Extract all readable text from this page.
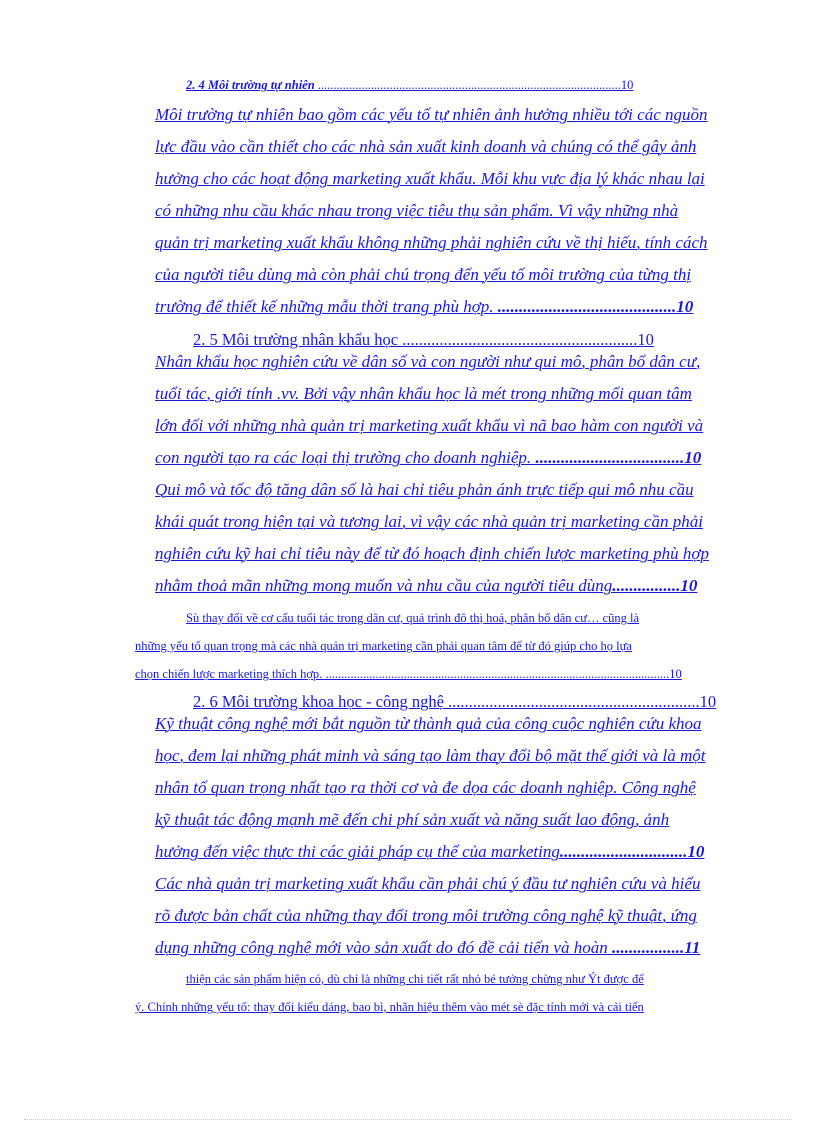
2. 4 Môi trường tự nhiên .................................................................................................10
Môi trường tự nhiên bao gồm các yếu tố tự nhiên ảnh hưởng nhiều tới các nguồn
lực đầu vào cần thiết cho các nhà sản xuất kinh doanh và chúng có thể gây ảnh
hưởng cho các hoạt động marketing xuất khẩu. Mỗi khu vực địa lý khác nhau lại
có những nhu cầu khác nhau trong việc tiêu thụ sản phẩm. Vì vậy những nhà
quản trị marketing xuất khẩu không những phải nghiên cứu về thị hiếu, tính cách
của người tiêu dùng mà còn phải chú trọng đến yếu tố môi trường của từng thị
trường để thiết kế những mẫu thời trang phù hợp. ..........................................10
2. 5 Môi trường nhân khẩu học .........................................................10
Nhân khẩu học nghiên cứu về dân số và con người như qui mô, phân bổ dân cư,
tuổi tác, giới tính .vv. Bởi vậy nhân khẩu học là mét trong những mối quan tâm
lớn đối với những nhà quản trị marketing xuất khẩu vì nã bao hàm con người và
con người tạo ra các loại thị trường cho doanh nghiệp. ...................................10
Qui mô và tốc độ tăng dân số là hai chỉ tiêu phản ánh trực tiếp qui mô nhu cầu
khái quát trong hiện tại và tương lai, vì vậy các nhà quản trị marketing cần phải
nghiên cứu kỹ hai chỉ tiêu này để từ đó hoạch định chiến lược marketing phù hợp
nhằm thoả mãn những mong muốn và nhu cầu của người tiêu dùng................10
Sù thay đổi về cơ cấu tuổi tác trong dân cư, quá trình đô thị hoá, phân bố dân cư… cũng là
những yếu tố quan trọng mà các nhà quản trị marketing cần phải quan tâm để từ đó giúp cho họ lựa
chọn chiến lược marketing thích hợp. ..............................................................................................................10
2. 6 Môi trường khoa học - công nghệ .............................................................10
Kỹ thuật công nghệ mới bắt nguồn từ thành quả của công cuộc nghiên cứu khoa
học, đem lại những phát minh và sáng tạo làm thay đổi bộ mặt thế giới và là một
nhân tố quan trọng nhất tạo ra thời cơ và đe dọa các doanh nghiệp. Công nghệ
kỹ thuật tác động mạnh mẽ đến chi phí sản xuất và năng suất lao động, ảnh
hưởng đến việc thực thi các giải pháp cụ thể của marketing..............................10
Các nhà quản trị marketing xuất khẩu cần phải chú ý đầu tư nghiên cứu và hiểu
rõ được bản chất của những thay đổi trong môi trường công nghệ kỹ thuật, ứng
dụng những công nghệ mới vào sản xuất do đó đề cải tiến và hoàn .................11
thiện các sản phẩm hiện có, dù chỉ là những chi tiết rất nhỏ bé tưởng chừng như Ýt được để
ý. Chính những yếu tố: thay đổi kiểu dáng, bao bì, nhãn hiệu thêm vào mét sè đặc tính mới và cải tiến
